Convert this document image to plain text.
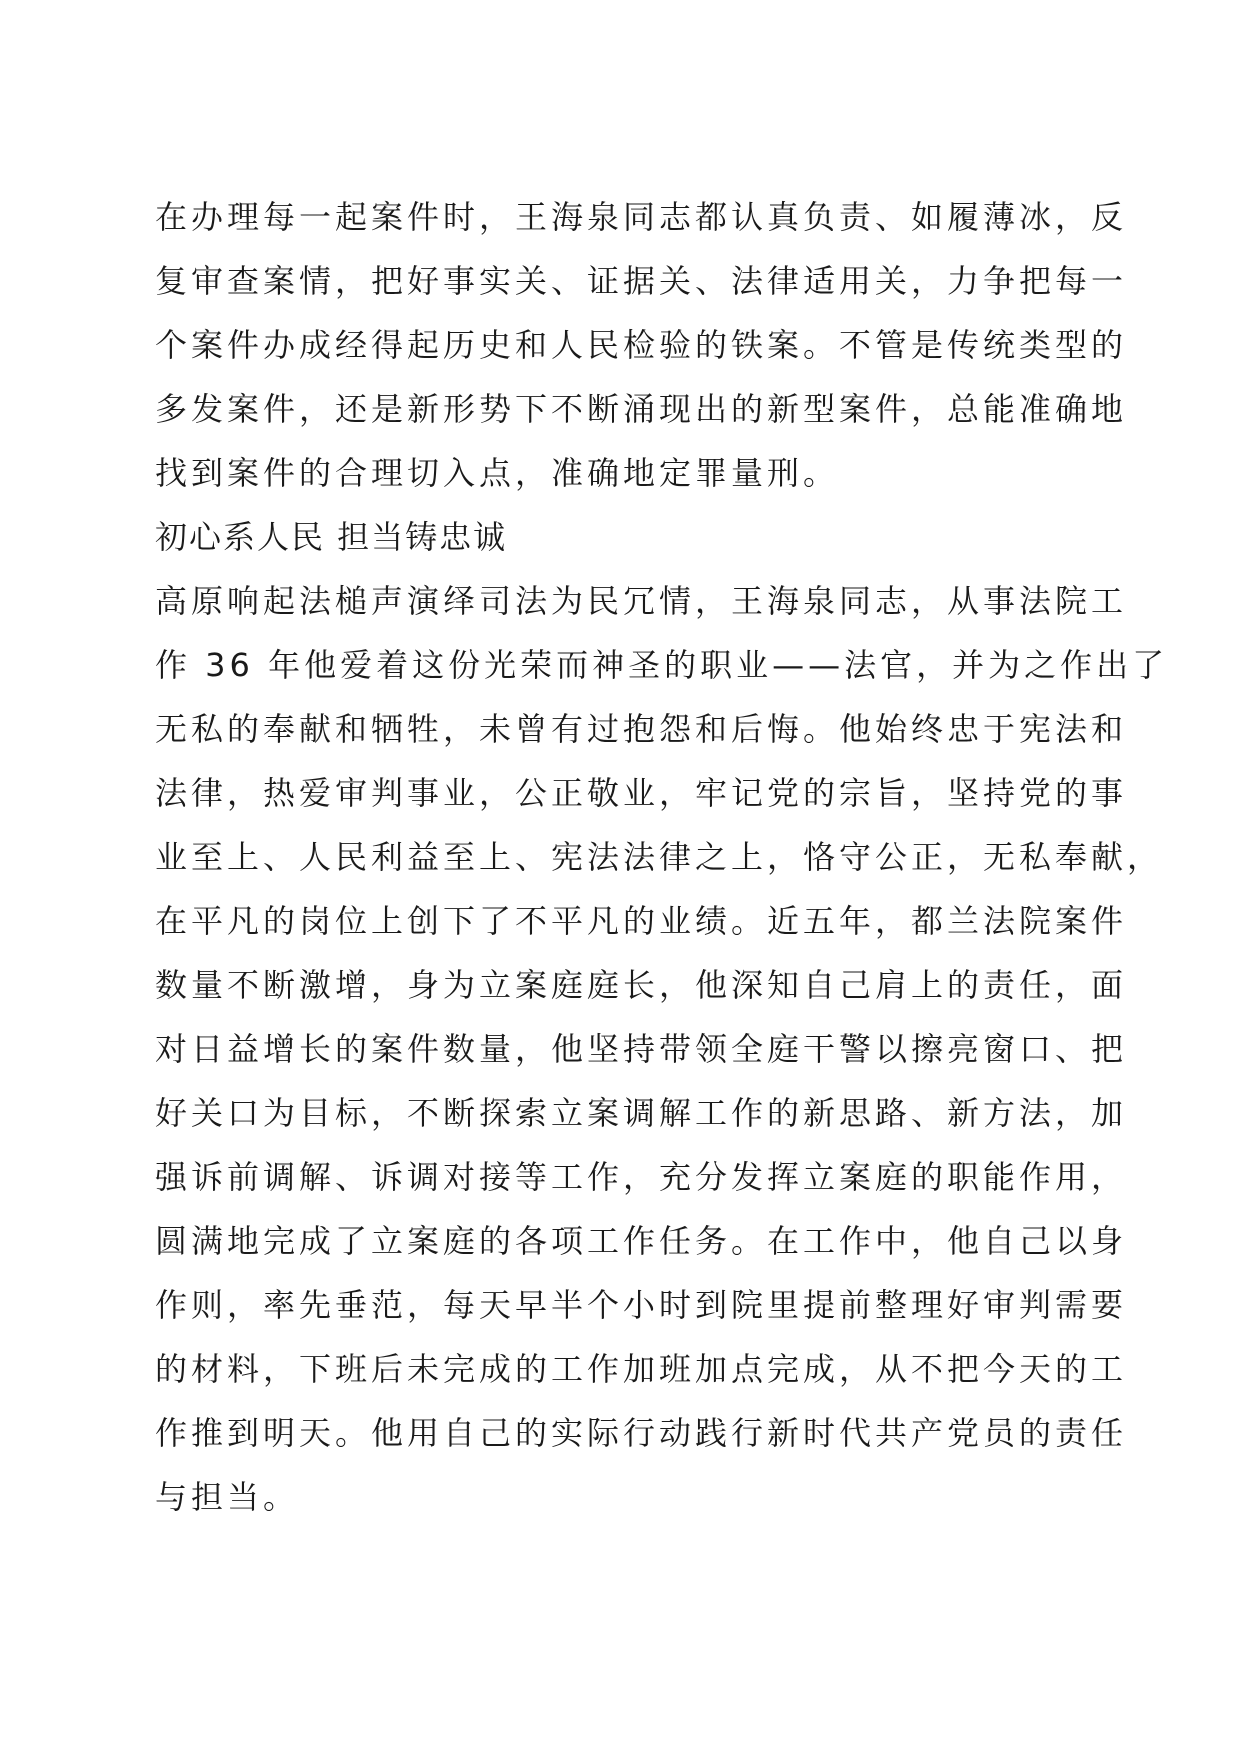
在办理每一起案件时，王海泉同志都认真负责、如履薄冰，反
复审查案情，把好事实关、证据关、法律适用关，力争把每一
个案件办成经得起历史和人民检验的铁案。不管是传统类型的
多发案件，还是新形势下不断涌现出的新型案件，总能准确地
找到案件的合理切入点，准确地定罪量刑。
初心系人民 担当铸忠诚
高原响起法槌声演绎司法为民冗情，王海泉同志，从事法院工
作 36 年他爱着这份光荣而神圣的职业——法官，并为之作出了
无私的奉献和牺牲，未曾有过抱怨和后悔。他始终忠于宪法和
法律，热爱审判事业，公正敬业，牢记党的宗旨，坚持党的事
业至上、人民利益至上、宪法法律之上，恪守公正，无私奉献，
在平凡的岗位上创下了不平凡的业绩。近五年，都兰法院案件
数量不断激增，身为立案庭庭长，他深知自己肩上的责任，面
对日益增长的案件数量，他坚持带领全庭干警以擦亮窗口、把
好关口为目标，不断探索立案调解工作的新思路、新方法，加
强诉前调解、诉调对接等工作，充分发挥立案庭的职能作用，
圆满地完成了立案庭的各项工作任务。在工作中，他自己以身
作则，率先垂范，每天早半个小时到院里提前整理好审判需要
的材料，下班后未完成的工作加班加点完成，从不把今天的工
作推到明天。他用自己的实际行动践行新时代共产党员的责任
与担当。
